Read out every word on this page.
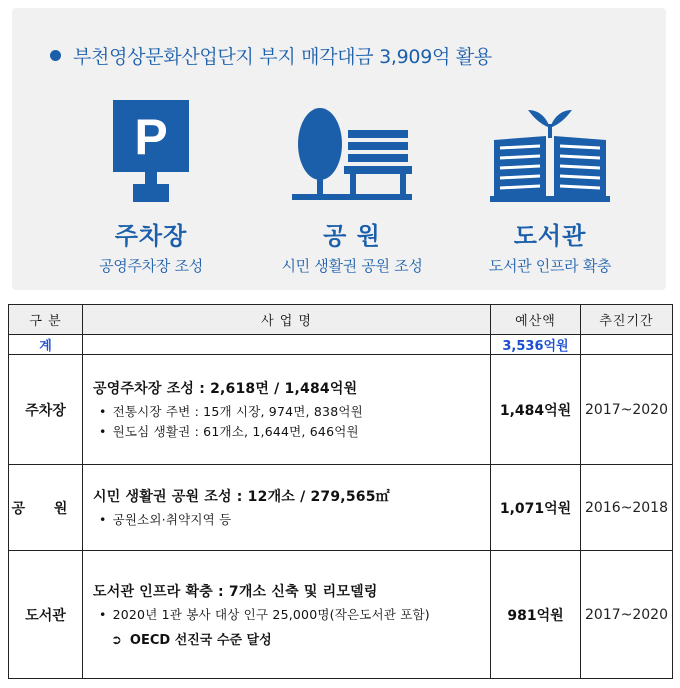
부천영상문화산업단지 부지 매각대금 3,909억 활용
P
주차장
공영주차장 조성
공 원
시민 생활권 공원 조성
도서관
도서관 인프라 확충
구 분	사 업 명	예산액	추진기간
계		3,536억원	
주차장	공영주차장 조성 : 2,618면 / 1,484억원
• 전통시장 주변 : 15개 시장, 974면, 838억원
• 원도심 생활권 : 61개소, 1,644면, 646억원	1,484억원	2017~2020
공 원	시민 생활권 공원 조성 : 12개소 / 279,565㎡
• 공원소외·취약지역 등	1,071억원	2016~2018
도서관	도서관 인프라 확충 : 7개소 신축 및 리모델링
• 2020년 1관 봉사 대상 인구 25,000명(작은도서관 포함)
➲ OECD 선진국 수준 달성	981억원	2017~2020
